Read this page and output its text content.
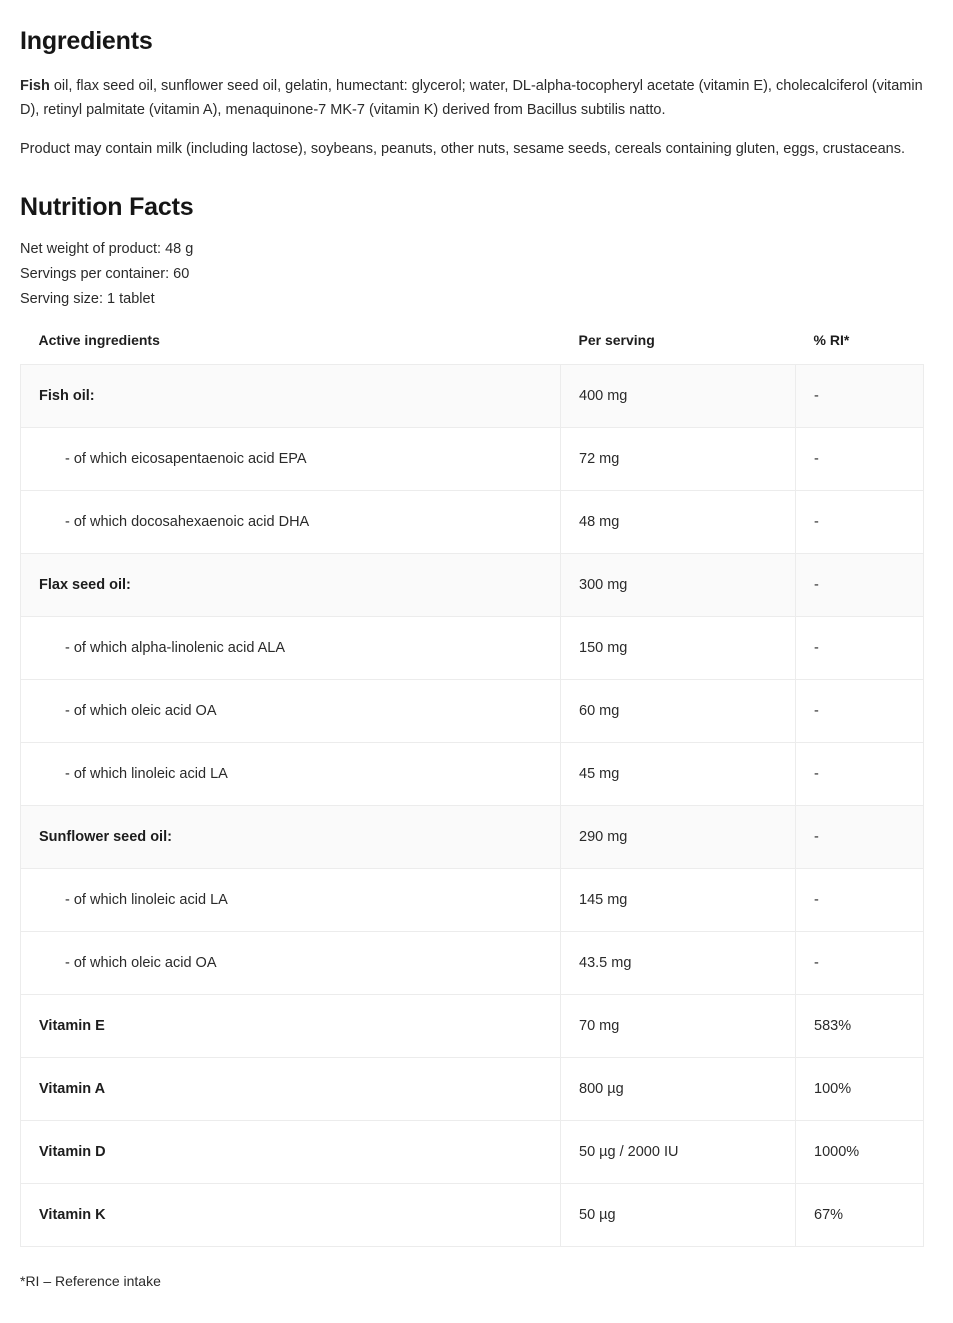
Ingredients

Fish oil, flax seed oil, sunflower seed oil, gelatin, humectant: glycerol; water, DL-alpha-tocopheryl acetate (vitamin E), cholecalciferol (vitamin D), retinyl palmitate (vitamin A), menaquinone-7 MK-7 (vitamin K) derived from Bacillus subtilis natto.

Product may contain milk (including lactose), soybeans, peanuts, other nuts, sesame seeds, cereals containing gluten, eggs, crustaceans.

Nutrition Facts
Net weight of product: 48 g
Servings per container: 60
Serving size: 1 tablet
Active ingredients	Per serving	% RI*
Fish oil:	400 mg	-
- of which eicosapentaenoic acid EPA	72 mg	-
- of which docosahexaenoic acid DHA	48 mg	-
Flax seed oil:	300 mg	-
- of which alpha-linolenic acid ALA	150 mg	-
- of which oleic acid OA	60 mg	-
- of which linoleic acid LA	45 mg	-
Sunflower seed oil:	290 mg	-
- of which linoleic acid LA	145 mg	-
- of which oleic acid OA	43.5 mg	-
Vitamin E	70 mg	583%
Vitamin A	800 µg	100%
Vitamin D	50 µg / 2000 IU	1000%
Vitamin K	50 µg	67%
*RI – Reference intake
